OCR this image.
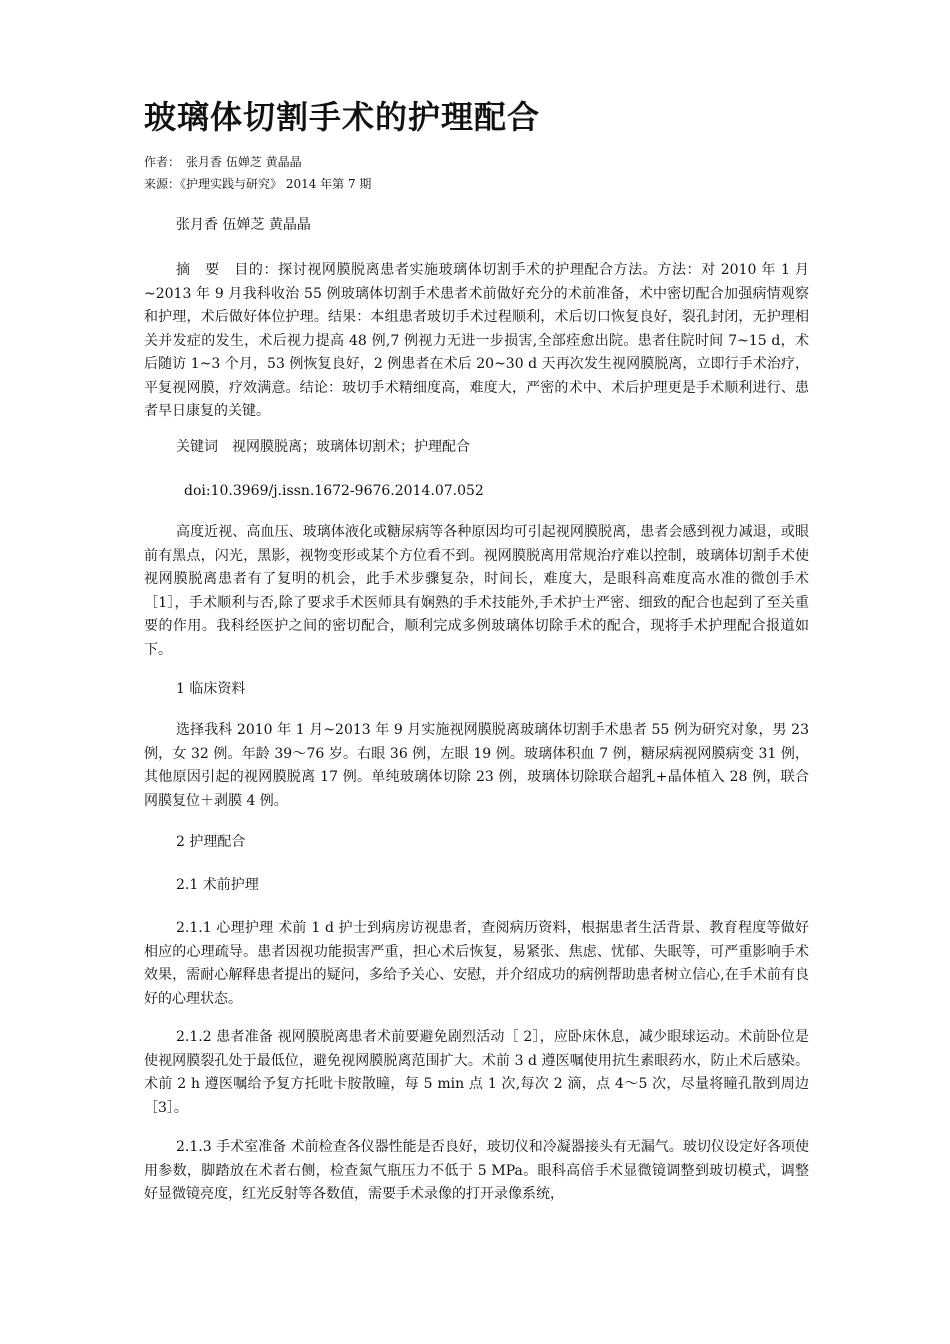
玻璃体切割手术的护理配合
作者：　张月香 伍婵芝 黄晶晶
来源：《护理实践与研究》 2014 年第 7 期
张月香 伍婵芝 黄晶晶

摘　要　目的：探讨视网膜脱离患者实施玻璃体切割手术的护理配合方法。方法：对 2010 年 1 月~2013 年 9 月我科收治 55 例玻璃体切割手术患者术前做好充分的术前准备，术中密切配合加强病情观察和护理，术后做好体位护理。结果：本组患者玻切手术过程顺利，术后切口恢复良好，裂孔封闭，无护理相关并发症的发生，术后视力提高 48 例,7 例视力无进一步损害,全部痊愈出院。患者住院时间 7~15 d，术后随访 1~3 个月，53 例恢复良好，2 例患者在术后 20~30 d 天再次发生视网膜脱离，立即行手术治疗，平复视网膜，疗效满意。结论：玻切手术精细度高，难度大，严密的术中、术后护理更是手术顺利进行、患者早日康复的关键。

关键词　视网膜脱离；玻璃体切割术；护理配合
doi:10.3969/j.issn.1672-9676.2014.07.052

高度近视、高血压、玻璃体液化或糖尿病等各种原因均可引起视网膜脱离，患者会感到视力减退，或眼前有黑点，闪光，黑影，视物变形或某个方位看不到。视网膜脱离用常规治疗难以控制，玻璃体切割手术使视网膜脱离患者有了复明的机会，此手术步骤复杂，时间长，难度大，是眼科高难度高水准的微创手术［1］，手术顺利与否,除了要求手术医师具有娴熟的手术技能外,手术护士严密、细致的配合也起到了至关重要的作用。我科经医护之间的密切配合，顺利完成多例玻璃体切除手术的配合，现将手术护理配合报道如下。

1 临床资料

选择我科 2010 年 1 月~2013 年 9 月实施视网膜脱离玻璃体切割手术患者 55 例为研究对象，男 23 例，女 32 例。年龄 39～76 岁。右眼 36 例，左眼 19 例。玻璃体积血 7 例，糖尿病视网膜病变 31 例，其他原因引起的视网膜脱离 17 例。单纯玻璃体切除 23 例，玻璃体切除联合超乳+晶体植入 28 例，联合网膜复位＋剥膜 4 例。

2 护理配合
2.1 术前护理

2.1.1 心理护理 术前 1 d 护士到病房访视患者，查阅病历资料，根据患者生活背景、教育程度等做好相应的心理疏导。患者因视功能损害严重，担心术后恢复，易紧张、焦虑、忧郁、失眠等，可严重影响手术效果，需耐心解释患者提出的疑问，多给予关心、安慰，并介绍成功的病例帮助患者树立信心,在手术前有良好的心理状态。

2.1.2 患者准备 视网膜脱离患者术前要避免剧烈活动［ 2］，应卧床休息，减少眼球运动。术前卧位是使视网膜裂孔处于最低位，避免视网膜脱离范围扩大。术前 3 d 遵医嘱使用抗生素眼药水，防止术后感染。术前 2 h 遵医嘱给予复方托吡卡胺散瞳，每 5 min 点 1 次,每次 2 滴，点 4～5 次，尽量将瞳孔散到周边［3］。

2.1.3 手术室准备 术前检查各仪器性能是否良好，玻切仪和冷凝器接头有无漏气。玻切仪设定好各项使用参数，脚踏放在术者右侧，检查氮气瓶压力不低于 5 MPa。眼科高倍手术显微镜调整到玻切模式，调整好显微镜亮度，红光反射等各数值，需要手术录像的打开录像系统，
